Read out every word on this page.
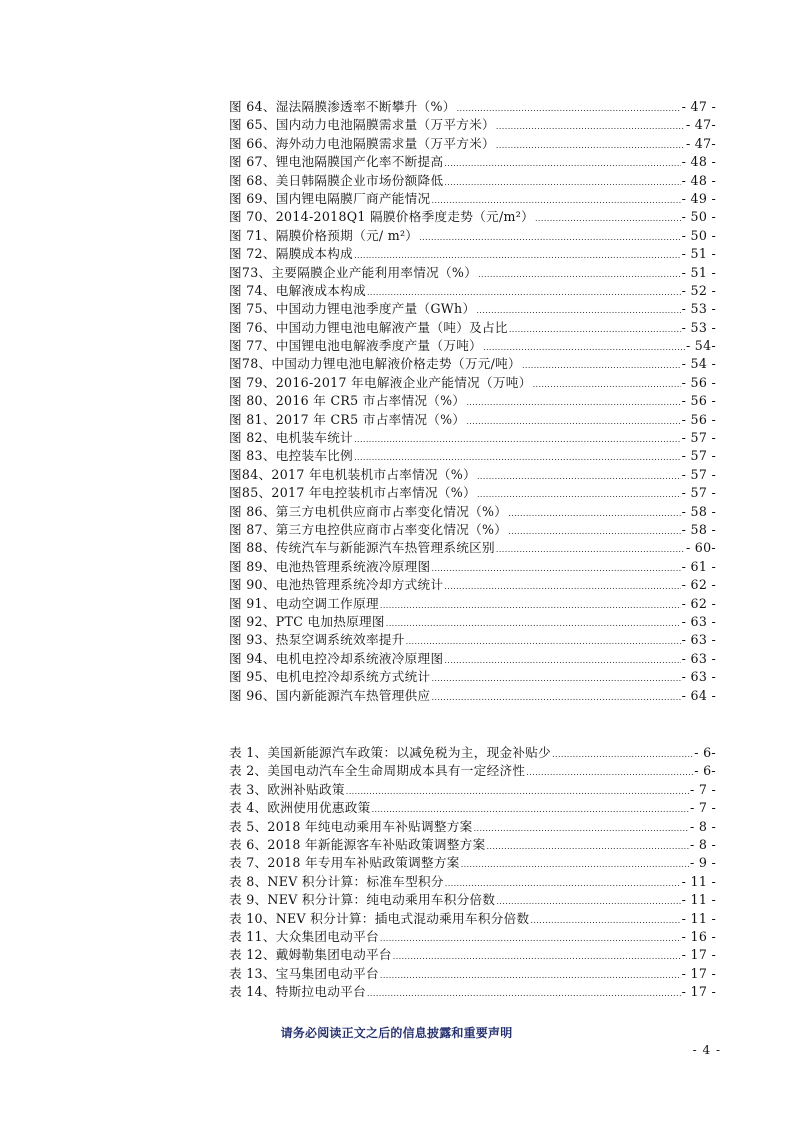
图 64、湿法隔膜渗透率不断攀升（%） .....	- 47 -
图 65、国内动力电池隔膜需求量（万平方米） .....	- 47-
图 66、海外动力电池隔膜需求量（万平方米） .....	- 47-
图 67、锂电池隔膜国产化率不断提高 .....	- 48 -
图 68、美日韩隔膜企业市场份额降低 .....	- 48 -
图 69、国内锂电隔膜厂商产能情况 .....	- 49 -
图 70、2014-2018Q1 隔膜价格季度走势（元/m²） .....	- 50 -
图 71、隔膜价格预期（元/ m²） .....	- 50 -
图 72、隔膜成本构成 .....	- 51 -
图73、主要隔膜企业产能利用率情况（%） .....	- 51 -
图 74、电解液成本构成 .....	- 52 -
图 75、中国动力锂电池季度产量（GWh） .....	- 53 -
图 76、中国动力锂电池电解液产量（吨）及占比 .....	- 53 -
图 77、中国锂电池电解液季度产量（万吨） .....	- 54-
图78、中国动力锂电池电解液价格走势（万元/吨） .....	- 54 -
图 79、2016-2017 年电解液企业产能情况（万吨） .....	- 56 -
图 80、2016 年 CR5 市占率情况（%） .....	- 56 -
图 81、2017 年 CR5 市占率情况（%） .....	- 56 -
图 82、电机装车统计 .....	- 57 -
图 83、电控装车比例 .....	- 57 -
图84、2017 年电机装机市占率情况（%） .....	- 57 -
图85、2017 年电控装机市占率情况（%） .....	- 57 -
图 86、第三方电机供应商市占率变化情况（%） .....	- 58 -
图 87、第三方电控供应商市占率变化情况（%） .....	- 58 -
图 88、传统汽车与新能源汽车热管理系统区别 .....	- 60-
图 89、电池热管理系统液冷原理图 .....	- 61 -
图 90、电池热管理系统冷却方式统计 .....	- 62 -
图 91、电动空调工作原理 .....	- 62 -
图 92、PTC 电加热原理图 .....	- 63 -
图 93、热泵空调系统效率提升 .....	- 63 -
图 94、电机电控冷却系统液冷原理图 .....	- 63 -
图 95、电机电控冷却系统方式统计 .....	- 63 -
图 96、国内新能源汽车热管理供应 .....	- 64 -
表 1、美国新能源汽车政策：以减免税为主，现金补贴少 .....	- 6-
表 2、美国电动汽车全生命周期成本具有一定经济性 .....	- 6-
表 3、欧洲补贴政策 .....	- 7 -
表 4、欧洲使用优惠政策 .....	- 7 -
表 5、2018 年纯电动乘用车补贴调整方案 .....	- 8 -
表 6、2018 年新能源客车补贴政策调整方案 .....	- 8 -
表 7、2018 年专用车补贴政策调整方案 .....	- 9 -
表 8、NEV 积分计算：标准车型积分 .....	- 11 -
表 9、NEV 积分计算：纯电动乘用车积分倍数 .....	- 11 -
表 10、NEV 积分计算：插电式混动乘用车积分倍数 .....	- 11 -
表 11、大众集团电动平台 .....	- 16 -
表 12、戴姆勒集团电动平台 .....	- 17 -
表 13、宝马集团电动平台 .....	- 17 -
表 14、特斯拉电动平台 .....	- 17 -
请务必阅读正文之后的信息披露和重要声明
- 4 -
